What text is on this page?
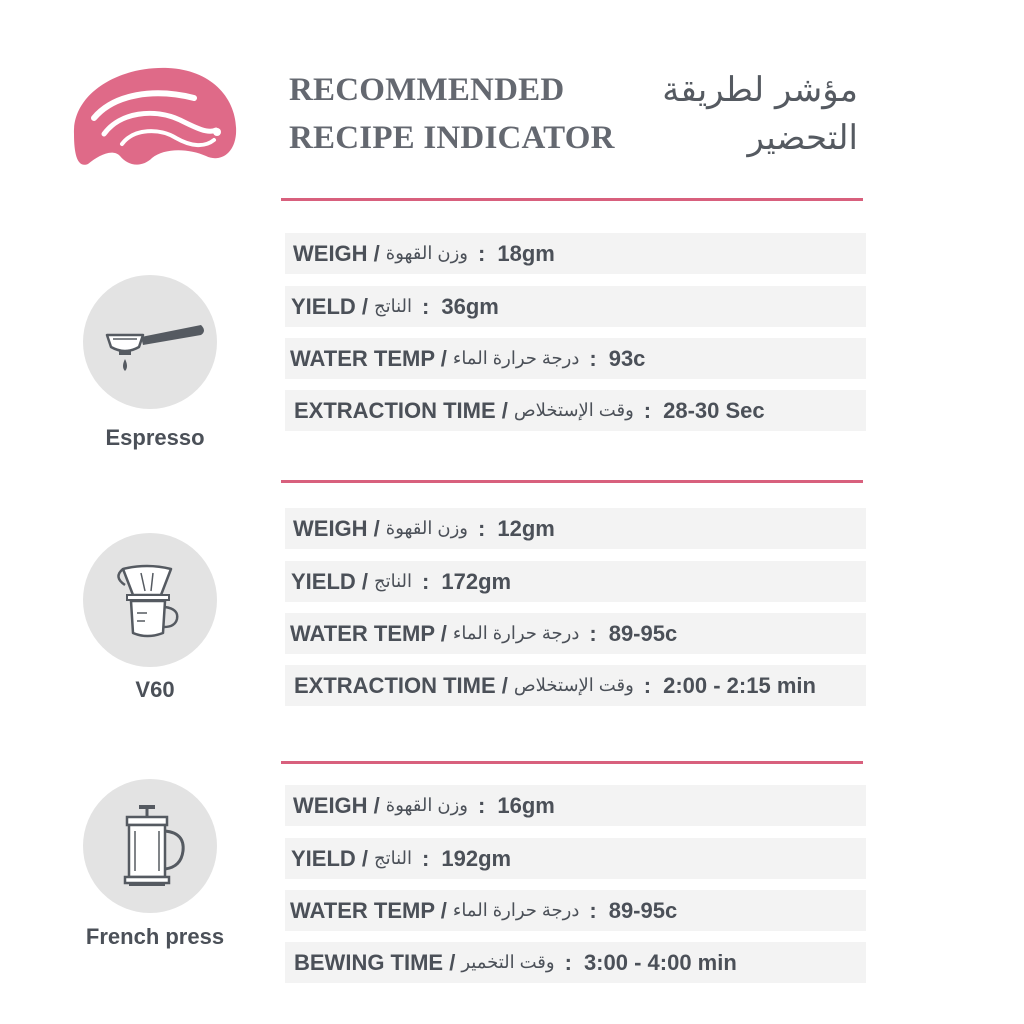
RECOMMENDED
RECIPE INDICATOR
مؤشر لطريقة
التحضير
Espresso
WEIGH / وزن القهوة : 18gm
YIELD / الناتج : 36gm
WATER TEMP / درجة حرارة الماء : 93c
EXTRACTION TIME / وقت الإستخلاص : 28-30 Sec
V60
WEIGH / وزن القهوة : 12gm
YIELD / الناتج : 172gm
WATER TEMP / درجة حرارة الماء : 89-95c
EXTRACTION TIME / وقت الإستخلاص : 2:00 - 2:15 min
French press
WEIGH / وزن القهوة : 16gm
YIELD / الناتج : 192gm
WATER TEMP / درجة حرارة الماء : 89-95c
BEWING TIME / وقت التخمير : 3:00 - 4:00 min
